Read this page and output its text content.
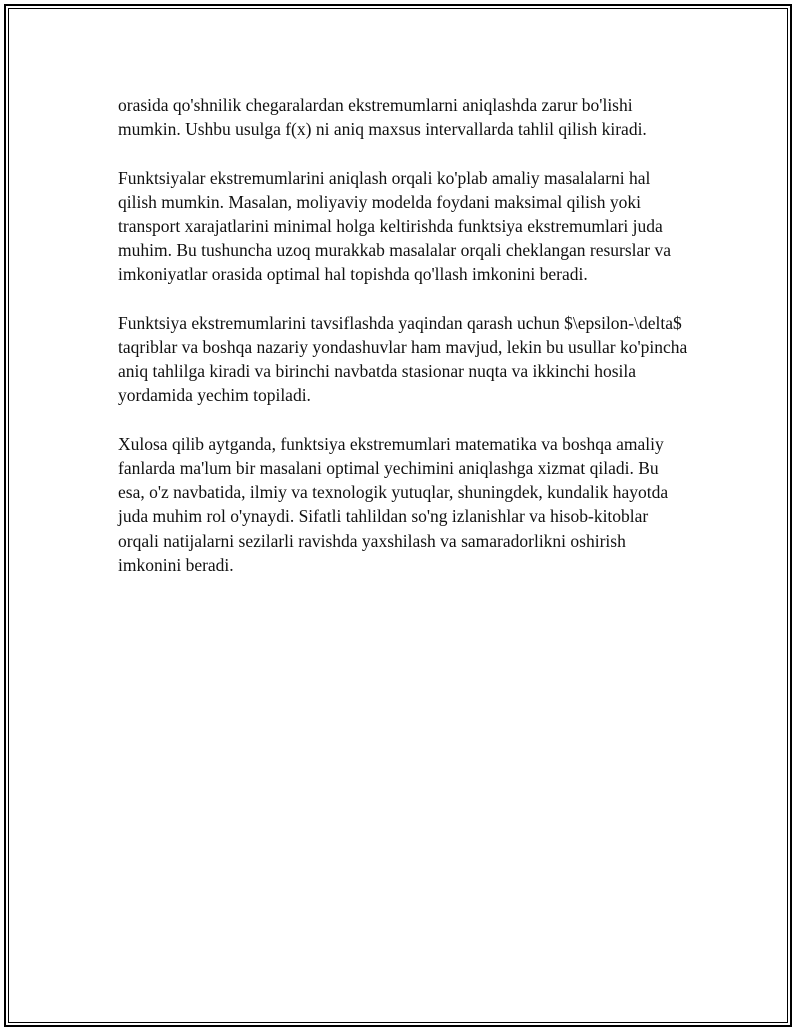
orasida qo'shnilik chegaralardan ekstremumlarni aniqlashda zarur bo'lishi mumkin. Ushbu usulga f(x) ni aniq maxsus intervallarda tahlil qilish kiradi.

Funktsiyalar ekstremumlarini aniqlash orqali ko'plab amaliy masalalarni hal qilish mumkin. Masalan, moliyaviy modelda foydani maksimal qilish yoki transport xarajatlarini minimal holga keltirishda funktsiya ekstremumlari juda muhim. Bu tushuncha uzoq murakkab masalalar orqali cheklangan resurslar va imkoniyatlar orasida optimal hal topishda qo'llash imkonini beradi.

Funktsiya ekstremumlarini tavsiflashda yaqindan qarash uchun $\epsilon-\delta$ taqriblar va boshqa nazariy yondashuvlar ham mavjud, lekin bu usullar ko'pincha aniq tahlilga kiradi va birinchi navbatda stasionar nuqta va ikkinchi hosila yordamida yechim topiladi.

Xulosa qilib aytganda, funktsiya ekstremumlari matematika va boshqa amaliy fanlarda ma'lum bir masalani optimal yechimini aniqlashga xizmat qiladi. Bu esa, o'z navbatida, ilmiy va texnologik yutuqlar, shuningdek, kundalik hayotda juda muhim rol o'ynaydi. Sifatli tahlildan so'ng izlanishlar va hisob-kitoblar orqali natijalarni sezilarli ravishda yaxshilash va samaradorlikni oshirish imkonini beradi.
